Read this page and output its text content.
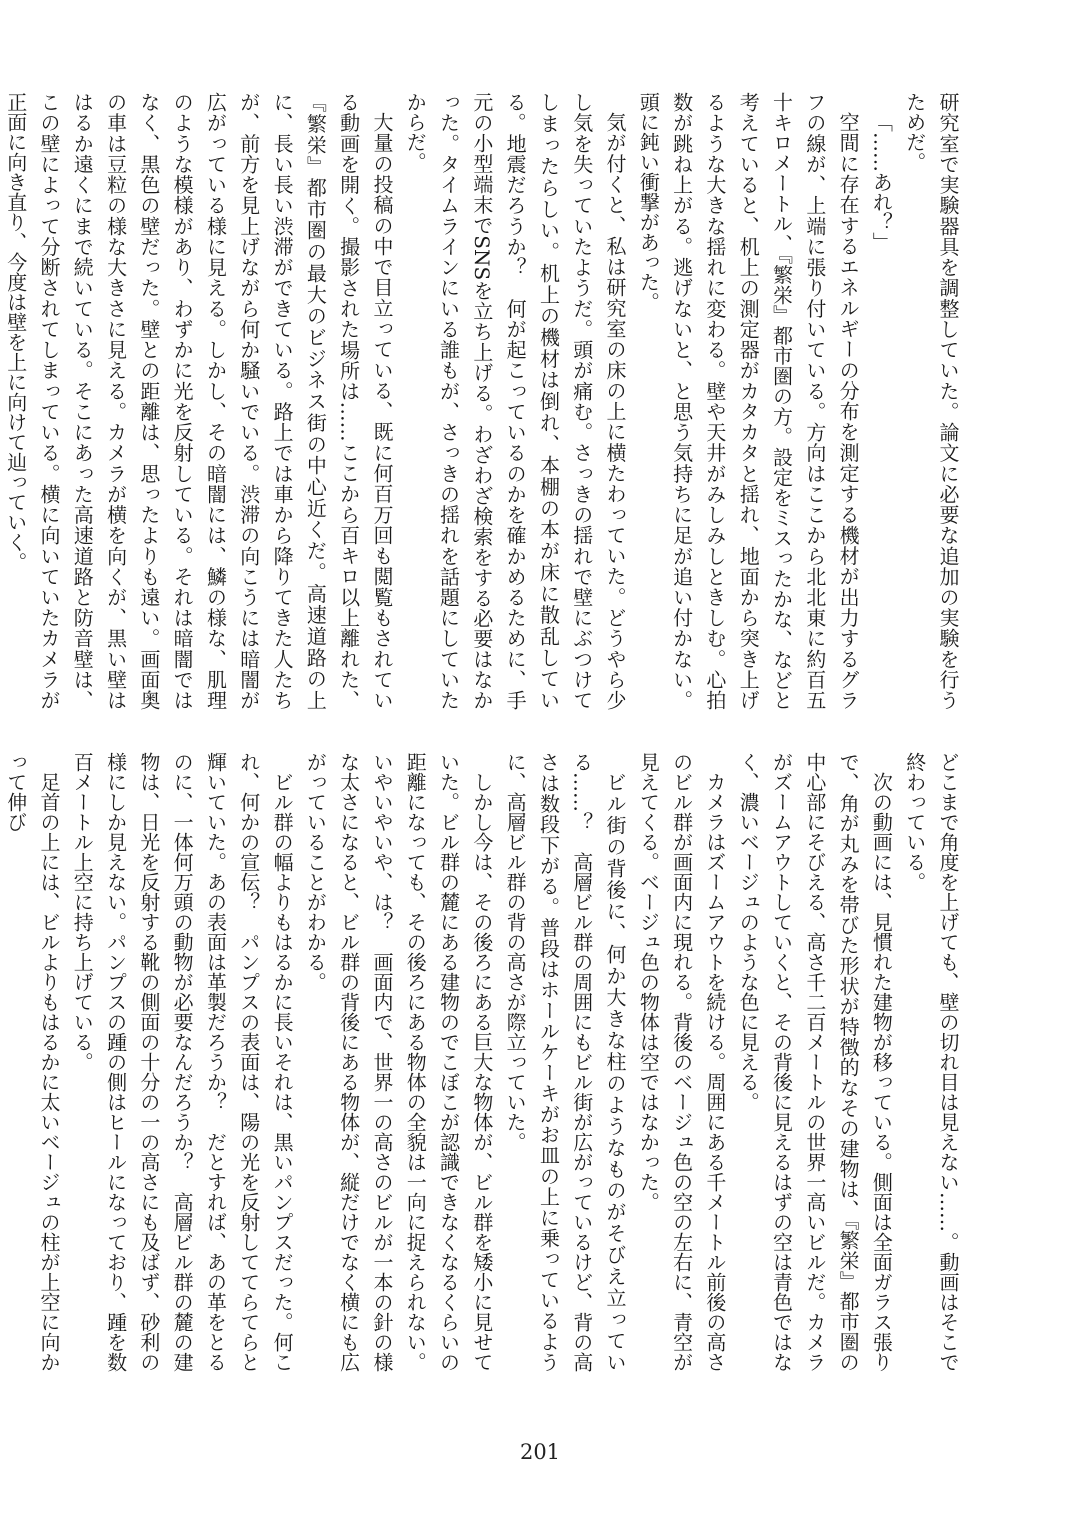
研究室で実験器具を調整していた。論文に必要な追加の実験を行うためだ。

「……あれ？」

空間に存在するエネルギーの分布を測定する機材が出力するグラフの線が、上端に張り付いている。方向はここから北北東に約百五十キロメートル、『繁栄』都市圏の方。設定をミスったかな、などと考えていると、机上の測定器がカタカタと揺れ、地面から突き上げるような大きな揺れに変わる。壁や天井がみしみしときしむ。心拍数が跳ね上がる。逃げないと、と思う気持ちに足が追い付かない。頭に鈍い衝撃があった。

気が付くと、私は研究室の床の上に横たわっていた。どうやら少し気を失っていたようだ。頭が痛む。さっきの揺れで壁にぶつけてしまったらしい。机上の機材は倒れ、本棚の本が床に散乱している。地震だろうか？　何が起こっているのかを確かめるために、手元の小型端末でSNSを立ち上げる。わざわざ検索をする必要はなかった。タイムラインにいる誰もが、さっきの揺れを話題にしていたからだ。

大量の投稿の中で目立っている、既に何百万回も閲覧もされている動画を開く。撮影された場所は……ここから百キロ以上離れた、『繁栄』都市圏の最大のビジネス街の中心近くだ。高速道路の上に、長い長い渋滞ができている。路上では車から降りてきた人たちが、前方を見上げながら何か騒いでいる。渋滞の向こうには暗闇が広がっている様に見える。しかし、その暗闇には、鱗の様な、肌理のような模様があり、わずかに光を反射している。それは暗闇ではなく、黒色の壁だった。壁との距離は、思ったよりも遠い。画面奥の車は豆粒の様な大きさに見える。カメラが横を向くが、黒い壁ははるか遠くにまで続いている。そこにあった高速道路と防音壁は、この壁によって分断されてしまっている。横に向いていたカメラが正面に向き直り、今度は壁を上に向けて辿っていく。

どこまで角度を上げても、壁の切れ目は見えない……。動画はそこで終わっている。

次の動画には、見慣れた建物が移っている。側面は全面ガラス張りで、角が丸みを帯びた形状が特徴的なその建物は、『繁栄』都市圏の中心部にそびえる、高さ千二百メートルの世界一高いビルだ。カメラがズームアウトしていくと、その背後に見えるはずの空は青色ではなく、濃いベージュのような色に見える。

カメラはズームアウトを続ける。周囲にある千メートル前後の高さのビル群が画面内に現れる。背後のベージュ色の空の左右に、青空が見えてくる。ベージュ色の物体は空ではなかった。

ビル街の背後に、何か大きな柱のようなものがそびえ立っている……？　高層ビル群の周囲にもビル街が広がっているけど、背の高さは数段下がる。普段はホールケーキがお皿の上に乗っているように、高層ビル群の背の高さが際立っていた。

しかし今は、その後ろにある巨大な物体が、ビル群を矮小に見せていた。ビル群の麓にある建物のでこぼこが認識できなくなるくらいの距離になっても、その後ろにある物体の全貌は一向に捉えられない。いやいやいや、は？　画面内で、世界一の高さのビルが一本の針の様な太さになると、ビル群の背後にある物体が、縦だけでなく横にも広がっていることがわかる。

ビル群の幅よりもはるかに長いそれは、黒いパンプスだった。何これ、何かの宣伝？　パンプスの表面は、陽の光を反射しててらてらと輝いていた。あの表面は革製だろうか？　だとすれば、あの革をとるのに、一体何万頭の動物が必要なんだろうか？　高層ビル群の麓の建物は、日光を反射する靴の側面の十分の一の高さにも及ばず、砂利の様にしか見えない。パンプスの踵の側はヒールになっており、踵を数百メートル上空に持ち上げている。

足首の上には、ビルよりもはるかに太いベージュの柱が上空に向かって伸び

201
